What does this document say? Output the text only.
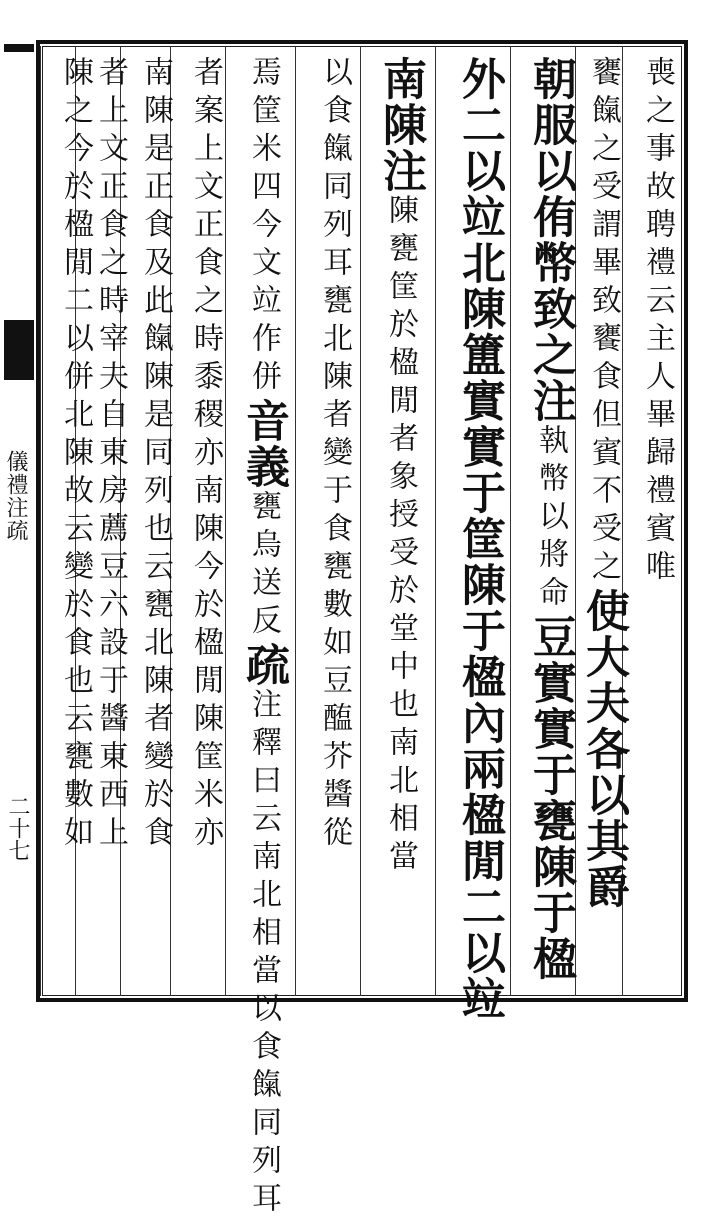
儀禮注疏
二十七
喪之事故聘禮云主人畢歸禮賓唯
饔餼之受謂畢致饔食但賓不受之使大夫各以其爵
朝服以侑幣致之注執幣以將命豆實實于甕陳于楹
外二以竝北陳簠實實于筐陳于楹內兩楹閒二以竝
南陳注陳甕筐於楹閒者象授受於堂中也南北相當
以食餼同列耳甕北陳者變于食甕數如豆醢芥醬從
焉筐米四今文竝作併音義甕烏送反疏注釋曰云南北相當以食餼同列耳
者案上文正食之時黍稷亦南陳今於楹閒陳筐米亦
南陳是正食及此餼陳是同列也云甕北陳者變於食
者上文正食之時宰夫自東房薦豆六設于醬東西上
陳之今於楹閒二以併北陳故云變於食也云甕數如
